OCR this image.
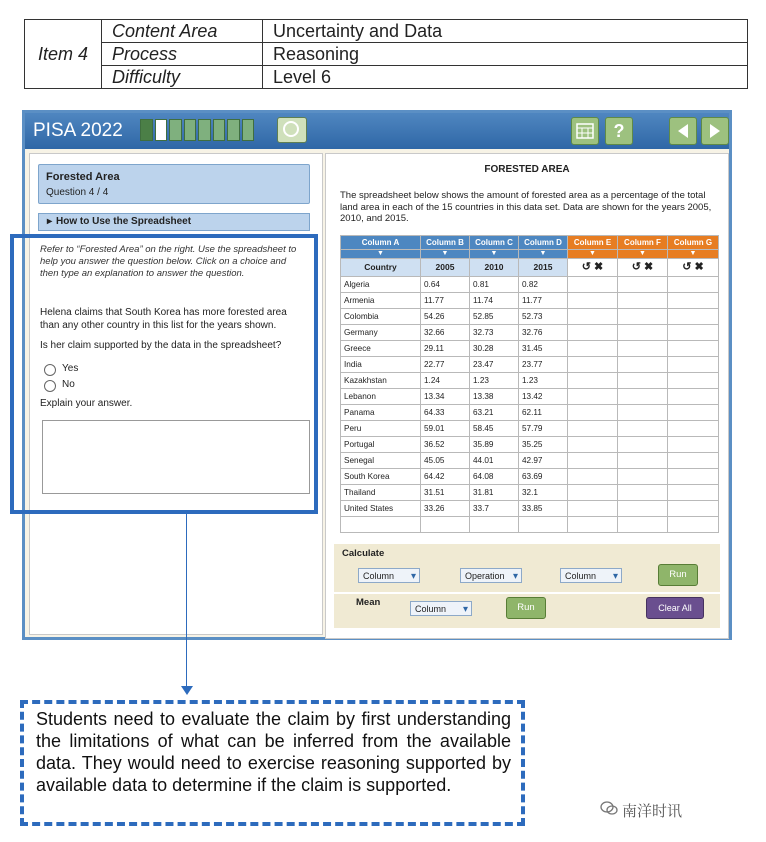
Item 4	Content Area	Uncertainty and Data
	Process	Reasoning
	Difficulty	Level 6
PISA 2022	?
Forested Area
Question 4 / 4
▸ How to Use the Spreadsheet
Refer to “Forested Area” on the right. Use the spreadsheet to help you answer the question below. Click on a choice and then type an explanation to answer the question.
Helena claims that South Korea has more forested area than any other country in this list for the years shown.
Is her claim supported by the data in the spreadsheet?
Yes
No
Explain your answer.
FORESTED AREA
The spreadsheet below shows the amount of forested area as a percentage of the total land area in each of the 15 countries in this data set. Data are shown for the years 2005, 2010, and 2015.
Column A	Column B	Column C	Column D	Column E	Column F	Column G
▼	▼	▼	▼	▼	▼	▼
Country	2005	2010	2015	↺ ✖	↺ ✖	↺ ✖
Algeria	0.64	0.81	0.82			
Armenia	11.77	11.74	11.77			
Colombia	54.26	52.85	52.73			
Germany	32.66	32.73	32.76			
Greece	29.11	30.28	31.45			
India	22.77	23.47	23.77			
Kazakhstan	1.24	1.23	1.23			
Lebanon	13.34	13.38	13.42			
Panama	64.33	63.21	62.11			
Peru	59.01	58.45	57.79			
Portugal	36.52	35.89	35.25			
Senegal	45.05	44.01	42.97			
South Korea	64.42	64.08	63.69			
Thailand	31.51	31.81	32.1			
United States	33.26	33.7	33.85			

Calculate
Column ▾	Operation ▾	Column ▾	Run
Mean
Column ▾	Run	Clear All
Students need to evaluate the claim by first understanding the limitations of what can be inferred from the available data. They would need to exercise reasoning supported by available data to determine if the claim is supported.
南洋时讯
